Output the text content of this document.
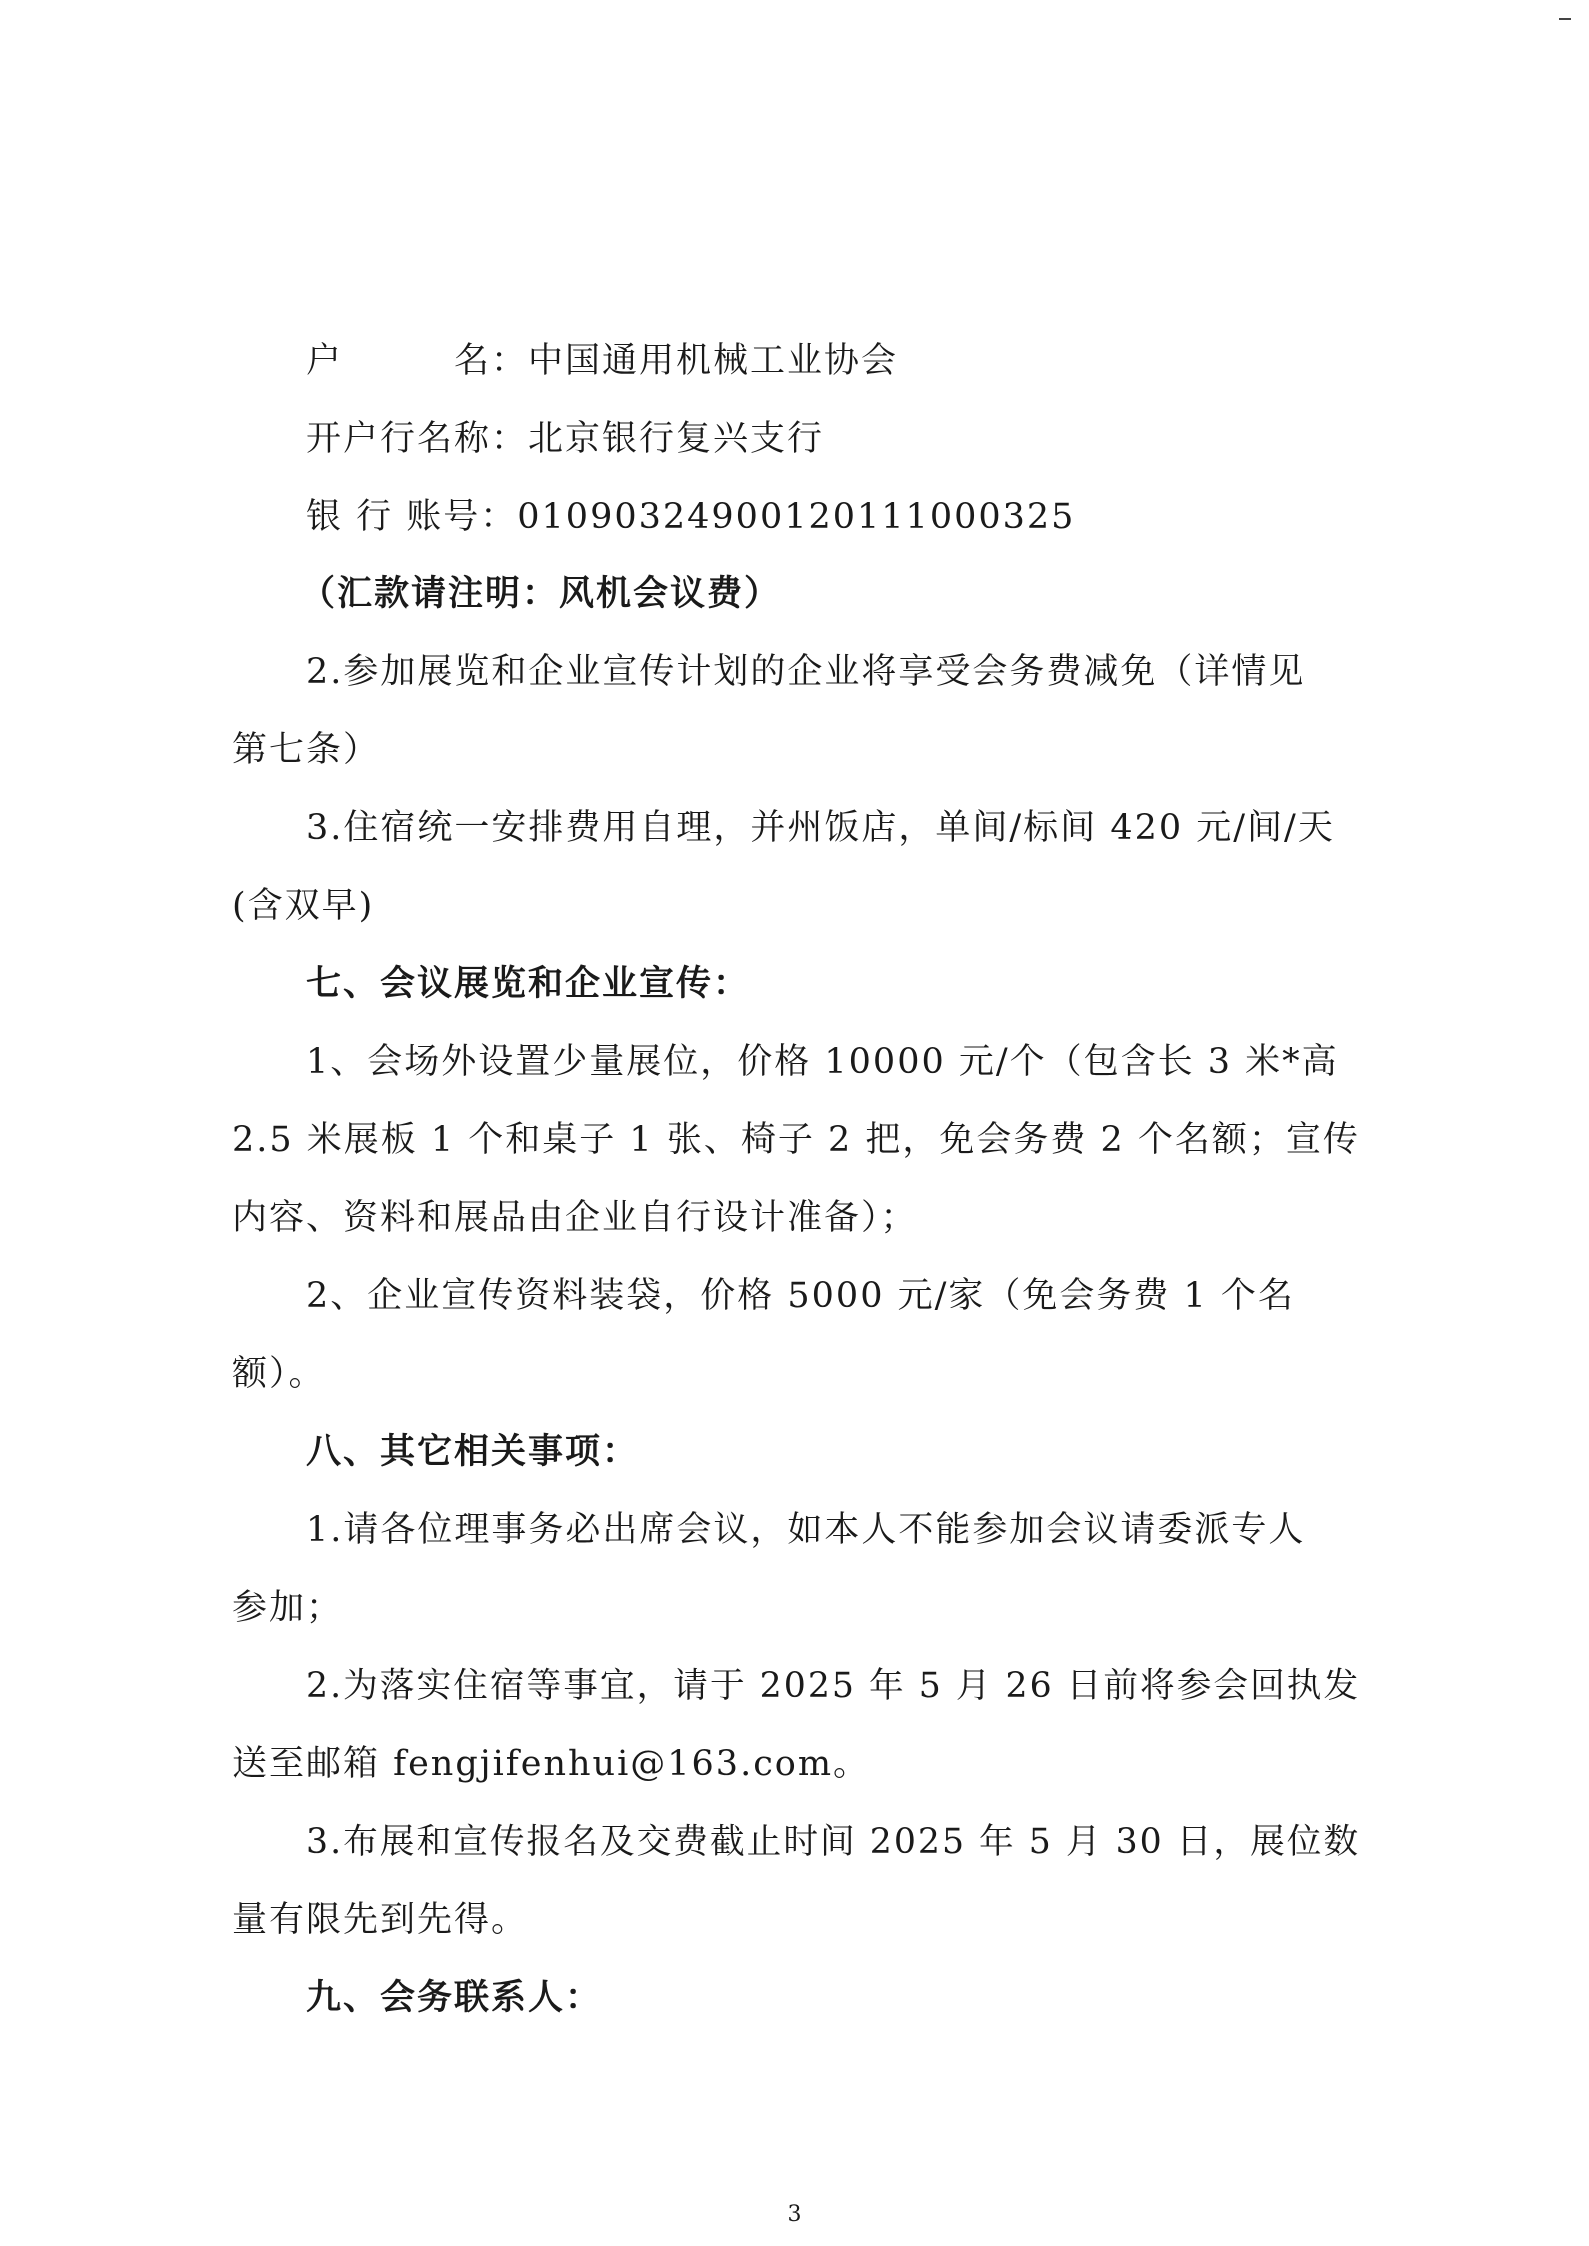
户　　　名：中国通用机械工业协会
开户行名称：北京银行复兴支行
银 行 账号：01090324900120111000325
（汇款请注明：风机会议费）
2.参加展览和企业宣传计划的企业将享受会务费减免（详情见
第七条）
3.住宿统一安排费用自理，并州饭店，单间/标间 420 元/间/天
(含双早)
七、会议展览和企业宣传：
1、会场外设置少量展位，价格 10000 元/个（包含长 3 米*高
2.5 米展板 1 个和桌子 1 张、椅子 2 把，免会务费 2 个名额；宣传
内容、资料和展品由企业自行设计准备）；
2、企业宣传资料装袋，价格 5000 元/家（免会务费 1 个名
额）。
八、其它相关事项：
1.请各位理事务必出席会议，如本人不能参加会议请委派专人
参加；
2.为落实住宿等事宜，请于 2025 年 5 月 26 日前将参会回执发
送至邮箱 fengjifenhui@163.com。
3.布展和宣传报名及交费截止时间 2025 年 5 月 30 日，展位数
量有限先到先得。
九、会务联系人：
3
